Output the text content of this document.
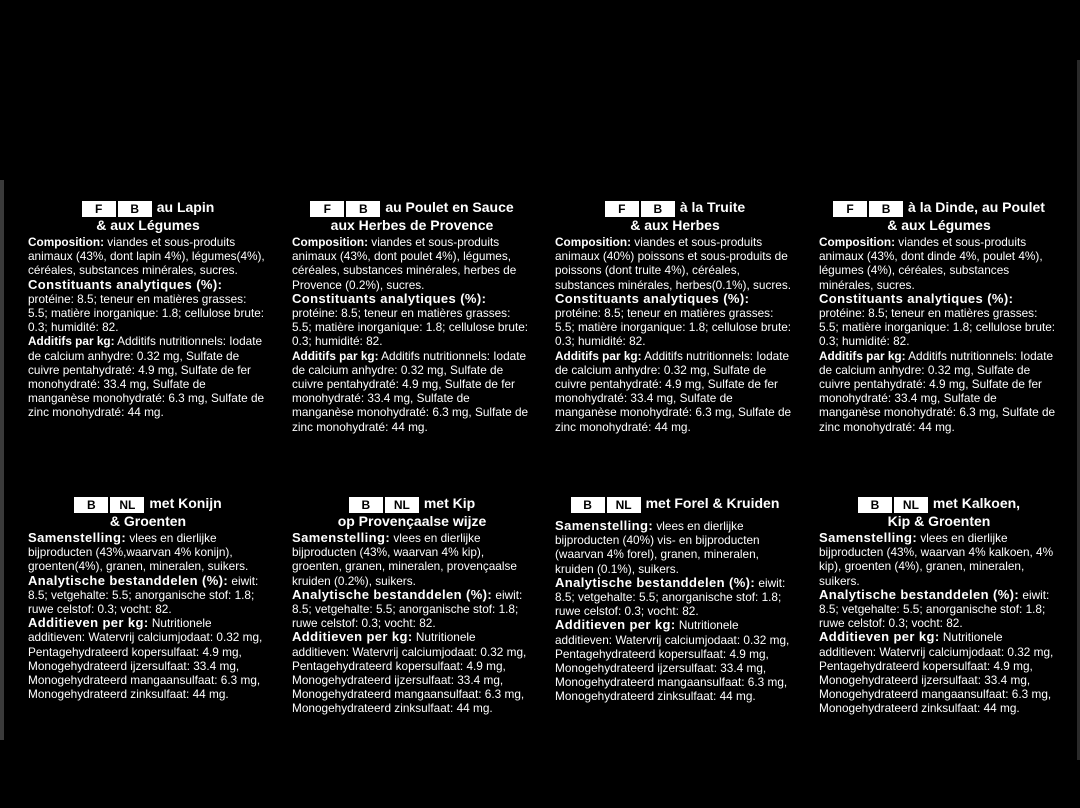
F	B	au Lapin
& aux Légumes

Composition: viandes et sous-produits animaux (43%, dont lapin 4%), légumes(4%), céréales, substances minérales, sucres.

Constituants analytiques (%): protéine: 8.5; teneur en matières grasses: 5.5; matière inorganique: 1.8; cellulose brute: 0.3; humidité: 82.

Additifs par kg: Additifs nutritionnels: Iodate de calcium anhydre: 0.32 mg, Sulfate de cuivre pentahydraté: 4.9 mg, Sulfate de fer monohydraté: 33.4 mg, Sulfate de manganèse monohydraté: 6.3 mg, Sulfate de zinc monohydraté: 44 mg.

F	B	au Poulet en Sauce
aux Herbes de Provence

Composition: viandes et sous-produits animaux (43%, dont poulet 4%), légumes, céréales, substances minérales, herbes de Provence (0.2%), sucres.

Constituants analytiques (%): protéine: 8.5; teneur en matières grasses: 5.5; matière inorganique: 1.8; cellulose brute: 0.3; humidité: 82.

Additifs par kg: Additifs nutritionnels: Iodate de calcium anhydre: 0.32 mg, Sulfate de cuivre pentahydraté: 4.9 mg, Sulfate de fer monohydraté: 33.4 mg, Sulfate de manganèse monohydraté: 6.3 mg, Sulfate de zinc monohydraté: 44 mg.

F	B	à la Truite
& aux Herbes

Composition: viandes et sous-produits animaux (40%) poissons et sous-produits de poissons (dont truite 4%), céréales, substances minérales, herbes(0.1%), sucres.

Constituants analytiques (%): protéine: 8.5; teneur en matières grasses: 5.5; matière inorganique: 1.8; cellulose brute: 0.3; humidité: 82.

Additifs par kg: Additifs nutritionnels: Iodate de calcium anhydre: 0.32 mg, Sulfate de cuivre pentahydraté: 4.9 mg, Sulfate de fer monohydraté: 33.4 mg, Sulfate de manganèse monohydraté: 6.3 mg, Sulfate de zinc monohydraté: 44 mg.

F	B	à la Dinde, au Poulet
& aux Légumes

Composition: viandes et sous-produits animaux (43%, dont dinde 4%, poulet 4%), légumes (4%), céréales, substances minérales, sucres.

Constituants analytiques (%): protéine: 8.5; teneur en matières grasses: 5.5; matière inorganique: 1.8; cellulose brute: 0.3; humidité: 82.

Additifs par kg: Additifs nutritionnels: Iodate de calcium anhydre: 0.32 mg, Sulfate de cuivre pentahydraté: 4.9 mg, Sulfate de fer monohydraté: 33.4 mg, Sulfate de manganèse monohydraté: 6.3 mg, Sulfate de zinc monohydraté: 44 mg.

B	NL	met Konijn
& Groenten

Samenstelling: vlees en dierlijke bijproducten (43%,waarvan 4% konijn), groenten(4%), granen, mineralen, suikers.

Analytische bestanddelen (%): eiwit: 8.5; vetgehalte: 5.5; anorganische stof: 1.8; ruwe celstof: 0.3; vocht: 82.

Additieven per kg: Nutritionele additieven: Watervrij calciumjodaat: 0.32 mg, Pentagehydrateerd kopersulfaat: 4.9 mg, Monogehydrateerd ijzersulfaat: 33.4 mg, Monogehydrateerd mangaansulfaat: 6.3 mg, Monogehydrateerd zinksulfaat: 44 mg.

B	NL	met Kip
op Provençaalse wijze

Samenstelling: vlees en dierlijke bijproducten (43%, waarvan 4% kip), groenten, granen, mineralen, provençaalse kruiden (0.2%), suikers.

Analytische bestanddelen (%): eiwit: 8.5; vetgehalte: 5.5; anorganische stof: 1.8; ruwe celstof: 0.3; vocht: 82.

Additieven per kg: Nutritionele additieven: Watervrij calciumjodaat: 0.32 mg, Pentagehydrateerd kopersulfaat: 4.9 mg, Monogehydrateerd ijzersulfaat: 33.4 mg, Monogehydrateerd mangaansulfaat: 6.3 mg, Monogehydrateerd zinksulfaat: 44 mg.

B	NL	met Forel & Kruiden

Samenstelling: vlees en dierlijke bijproducten (40%) vis- en bijproducten (waarvan 4% forel), granen, mineralen, kruiden (0.1%), suikers.

Analytische bestanddelen (%): eiwit: 8.5; vetgehalte: 5.5; anorganische stof: 1.8; ruwe celstof: 0.3; vocht: 82.

Additieven per kg: Nutritionele additieven: Watervrij calciumjodaat: 0.32 mg, Pentagehydrateerd kopersulfaat: 4.9 mg, Monogehydrateerd ijzersulfaat: 33.4 mg, Monogehydrateerd mangaansulfaat: 6.3 mg, Monogehydrateerd zinksulfaat: 44 mg.

B	NL	met Kalkoen,
Kip & Groenten

Samenstelling: vlees en dierlijke bijproducten (43%, waarvan 4% kalkoen, 4% kip), groenten (4%), granen, mineralen, suikers.

Analytische bestanddelen (%): eiwit: 8.5; vetgehalte: 5.5; anorganische stof: 1.8; ruwe celstof: 0.3; vocht: 82.

Additieven per kg: Nutritionele additieven: Watervrij calciumjodaat: 0.32 mg, Pentagehydrateerd kopersulfaat: 4.9 mg, Monogehydrateerd ijzersulfaat: 33.4 mg, Monogehydrateerd mangaansulfaat: 6.3 mg, Monogehydrateerd zinksulfaat: 44 mg.
